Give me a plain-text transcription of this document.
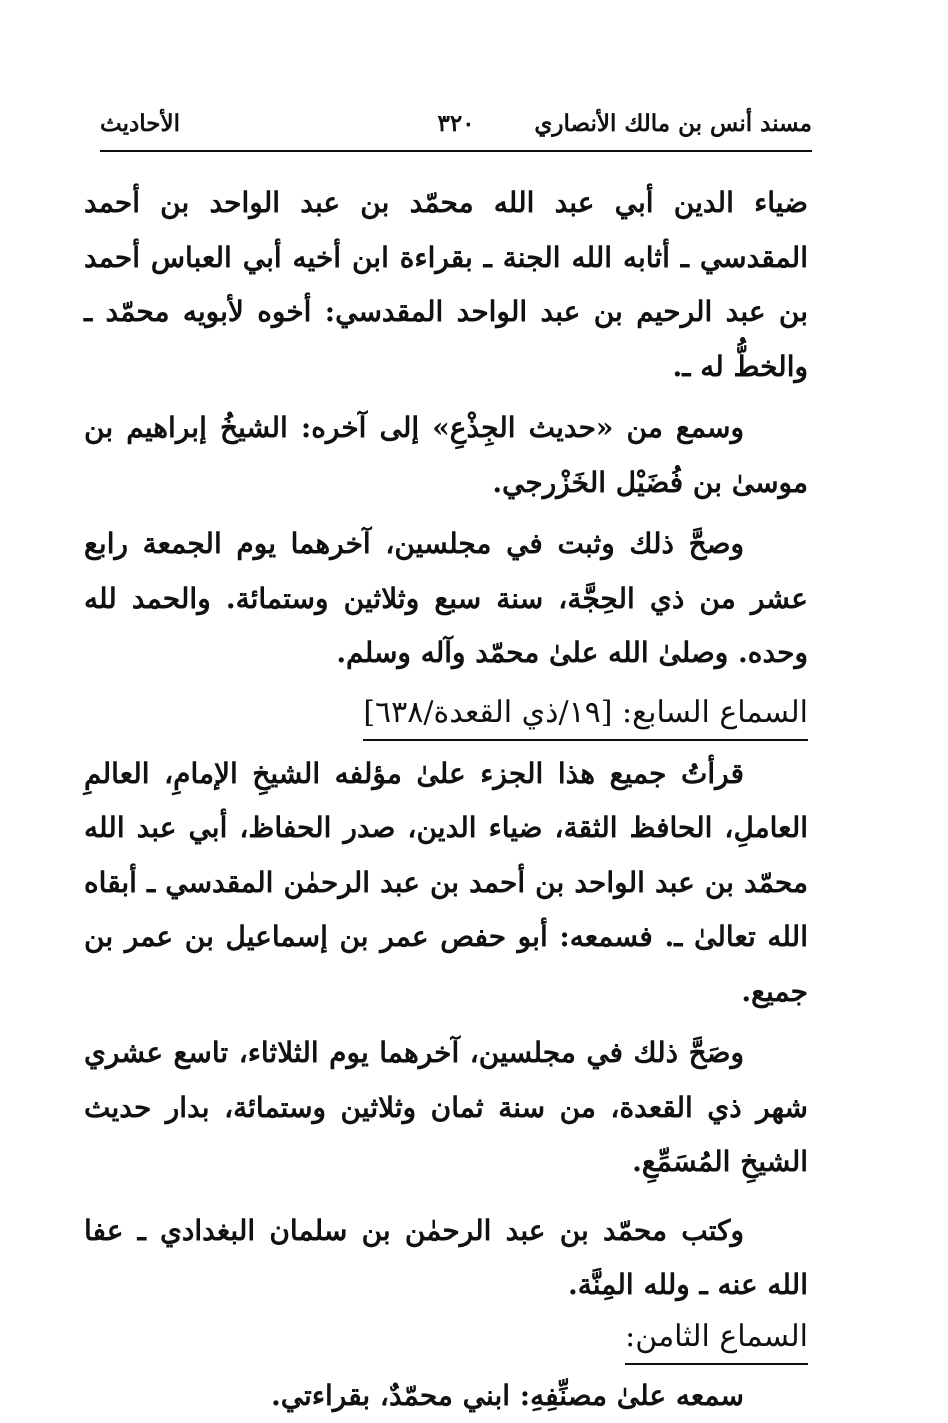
مسند أنس بن مالك الأنصاري
٣٢٠
الأحاديث

ضياء الدين أبي عبد الله محمّد بن عبد الواحد بن أحمد المقدسي ـ أثابه الله الجنة ـ بقراءة ابن أخيه أبي العباس أحمد بن عبد الرحيم بن عبد الواحد المقدسي: أخوه لأبويه محمّد ـ والخطُّ له ـ.

وسمع من «حديث الجِذْعِ» إلى آخره: الشيخُ إبراهيم بن موسىٰ بن فُضَيْل الخَزْرجي.

وصحَّ ذلك وثبت في مجلسين، آخرهما يوم الجمعة رابع عشر من ذي الحِجَّة، سنة سبع وثلاثين وستمائة. والحمد لله وحده. وصلىٰ الله علىٰ محمّد وآله وسلم.

السماع السابع: [١٩/ذي القعدة/٦٣٨]

قرأتُ جميع هذا الجزء علىٰ مؤلفه الشيخِ الإمامِ، العالمِ العاملِ، الحافظ الثقة، ضياء الدين، صدر الحفاظ، أبي عبد الله محمّد بن عبد الواحد بن أحمد بن عبد الرحمٰن المقدسي ـ أبقاه الله تعالىٰ ـ. فسمعه: أبو حفص عمر بن إسماعيل بن عمر بن جميع.

وصَحَّ ذلك في مجلسين، آخرهما يوم الثلاثاء، تاسع عشري شهر ذي القعدة، من سنة ثمان وثلاثين وستمائة، بدار حديث الشيخِ المُسَمِّعِ.

وكتب محمّد بن عبد الرحمٰن بن سلمان البغدادي ـ عفا الله عنه ـ ولله المِنَّة.

السماع الثامن:
سمعه علىٰ مصنِّفِهِ: ابني محمّدٌ، بقراءتي.
